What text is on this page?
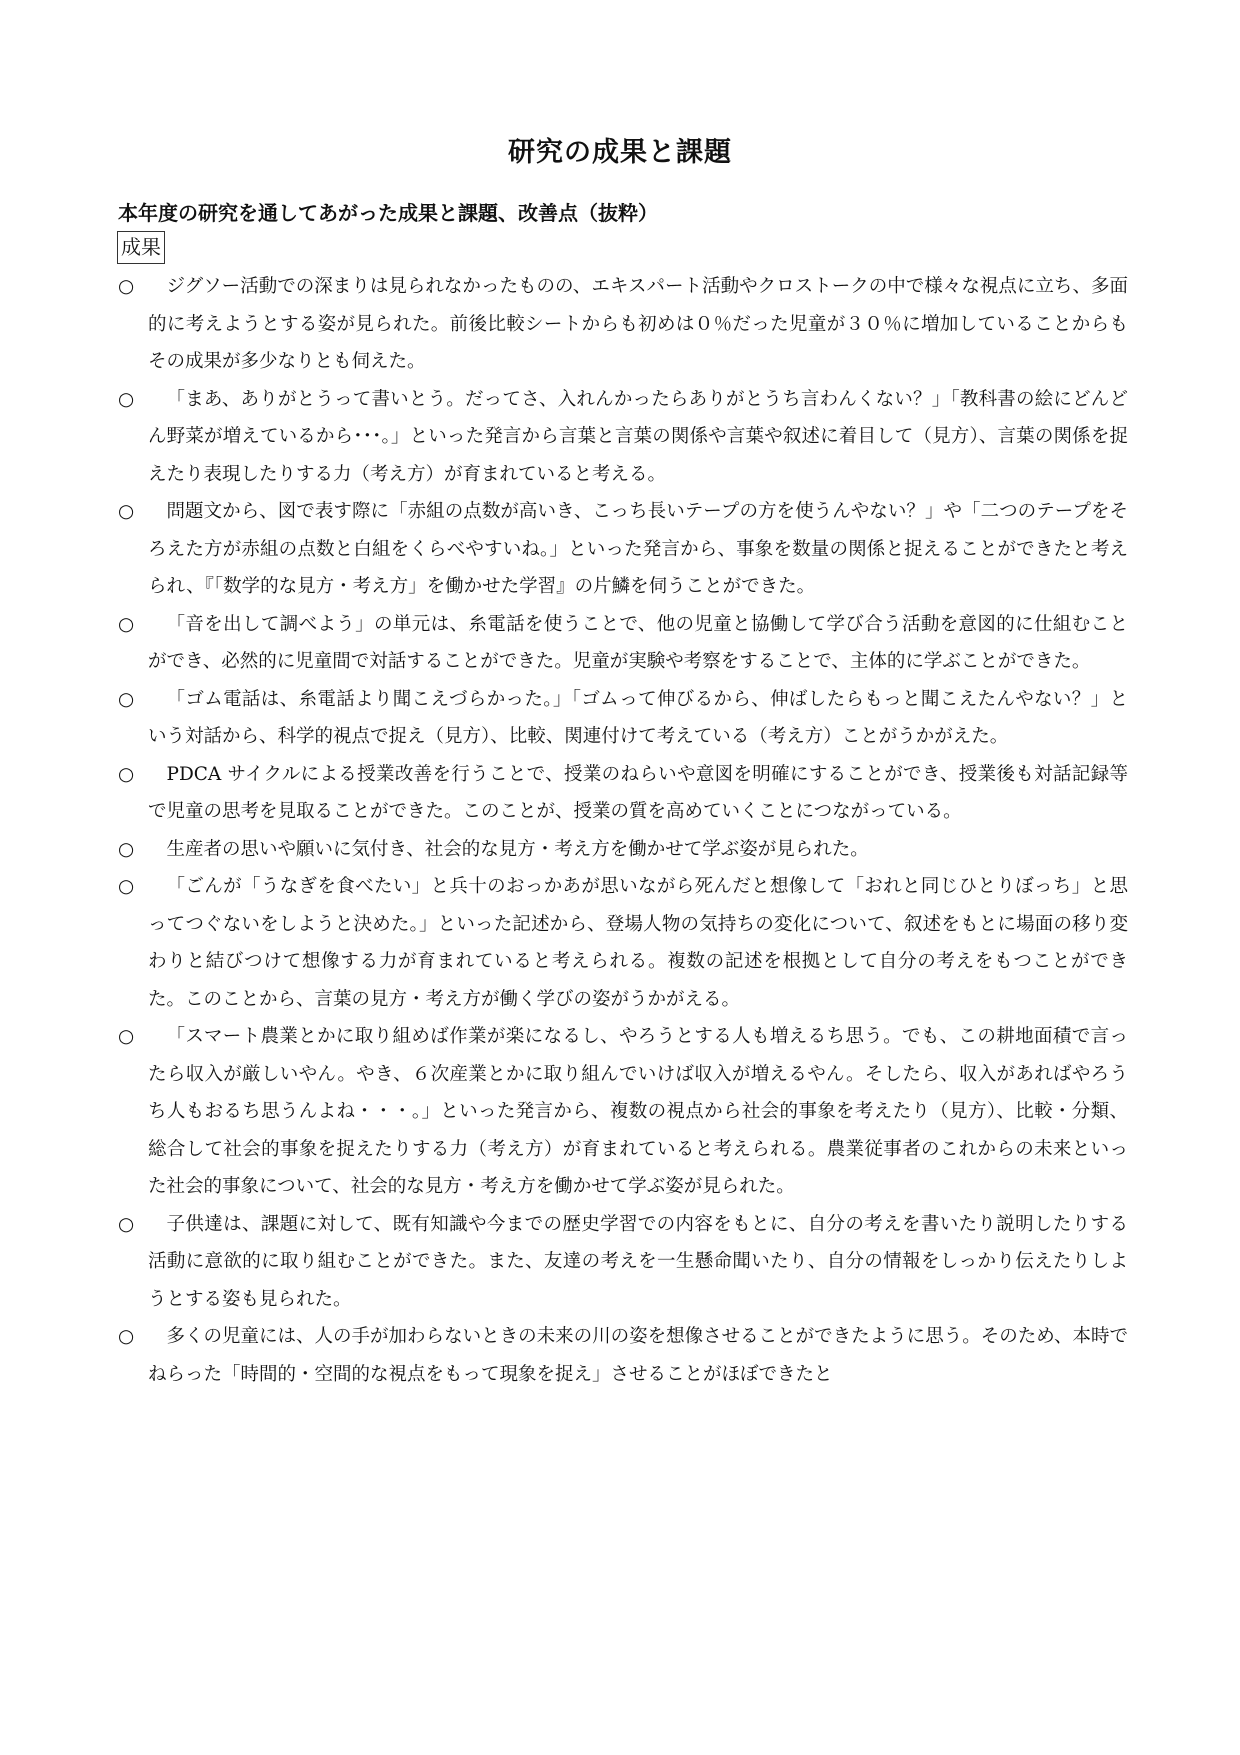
研究の成果と課題
本年度の研究を通してあがった成果と課題、改善点（抜粋）
成果
○	ジグソー活動での深まりは見られなかったものの、エキスパート活動やクロストークの中で様々な視点に立ち、多面的に考えようとする姿が見られた。前後比較シートからも初めは０％だった児童が３０％に増加していることからもその成果が多少なりとも伺えた。
○	「まあ、ありがとうって書いとう。だってさ、入れんかったらありがとうち言わんくない？」「教科書の絵にどんどん野菜が増えているから･･･。」といった発言から言葉と言葉の関係や言葉や叙述に着目して（見方）、言葉の関係を捉えたり表現したりする力（考え方）が育まれていると考える。
○	問題文から、図で表す際に「赤組の点数が高いき、こっち長いテープの方を使うんやない？」や「二つのテープをそろえた方が赤組の点数と白組をくらべやすいね。」といった発言から、事象を数量の関係と捉えることができたと考えられ、『「数学的な見方・考え方」を働かせた学習』の片鱗を伺うことができた。
○	「音を出して調べよう」の単元は、糸電話を使うことで、他の児童と協働して学び合う活動を意図的に仕組むことができ、必然的に児童間で対話することができた。児童が実験や考察をすることで、主体的に学ぶことができた。
○	「ゴム電話は、糸電話より聞こえづらかった。」「ゴムって伸びるから、伸ばしたらもっと聞こえたんやない？」という対話から、科学的視点で捉え（見方）、比較、関連付けて考えている（考え方）ことがうかがえた。
○	PDCA サイクルによる授業改善を行うことで、授業のねらいや意図を明確にすることができ、授業後も対話記録等で児童の思考を見取ることができた。このことが、授業の質を高めていくことにつながっている。
○	生産者の思いや願いに気付き、社会的な見方・考え方を働かせて学ぶ姿が見られた。
○	「ごんが「うなぎを食べたい」と兵十のおっかあが思いながら死んだと想像して「おれと同じひとりぼっち」と思ってつぐないをしようと決めた。」といった記述から、登場人物の気持ちの変化について、叙述をもとに場面の移り変わりと結びつけて想像する力が育まれていると考えられる。複数の記述を根拠として自分の考えをもつことができた。このことから、言葉の見方・考え方が働く学びの姿がうかがえる。
○	「スマート農業とかに取り組めば作業が楽になるし、やろうとする人も増えるち思う。でも、この耕地面積で言ったら収入が厳しいやん。やき、６次産業とかに取り組んでいけば収入が増えるやん。そしたら、収入があればやろうち人もおるち思うんよね・・・。」といった発言から、複数の視点から社会的事象を考えたり（見方）、比較・分類、総合して社会的事象を捉えたりする力（考え方）が育まれていると考えられる。農業従事者のこれからの未来といった社会的事象について、社会的な見方・考え方を働かせて学ぶ姿が見られた。
○	子供達は、課題に対して、既有知識や今までの歴史学習での内容をもとに、自分の考えを書いたり説明したりする活動に意欲的に取り組むことができた。また、友達の考えを一生懸命聞いたり、自分の情報をしっかり伝えたりしようとする姿も見られた。
○	多くの児童には、人の手が加わらないときの未来の川の姿を想像させることができたように思う。そのため、本時でねらった「時間的・空間的な視点をもって現象を捉え」させることがほぼできたと
